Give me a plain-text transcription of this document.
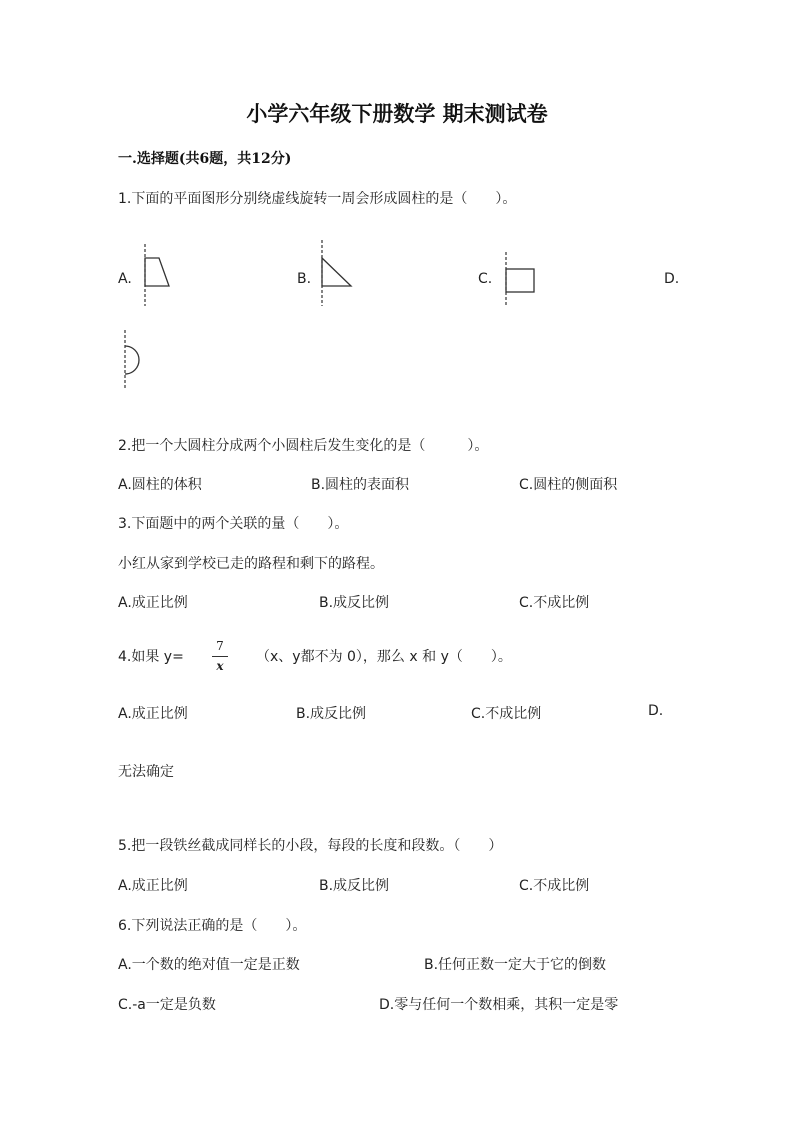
小学六年级下册数学 期末测试卷
一.选择题(共6题，共12分)
1.下面的平面图形分别绕虚线旋转一周会形成圆柱的是（　　）。
A.	B.	C.	D.
2.把一个大圆柱分成两个小圆柱后发生变化的是（　　　）。
A.圆柱的体积	B.圆柱的表面积	C.圆柱的侧面积
3.下面题中的两个关联的量（　　）。
小红从家到学校已走的路程和剩下的路程。
A.成正比例	B.成反比例	C.不成比例
4.如果 y=
7
x
（x、y都不为 0），那么 x 和 y（　　）。
A.成正比例	B.成反比例	C.不成比例	D.
无法确定
5.把一段铁丝截成同样长的小段，每段的长度和段数。（　　）
A.成正比例	B.成反比例	C.不成比例
6.下列说法正确的是（　　）。
A.一个数的绝对值一定是正数	B.任何正数一定大于它的倒数
C.-a一定是负数	D.零与任何一个数相乘，其积一定是零
